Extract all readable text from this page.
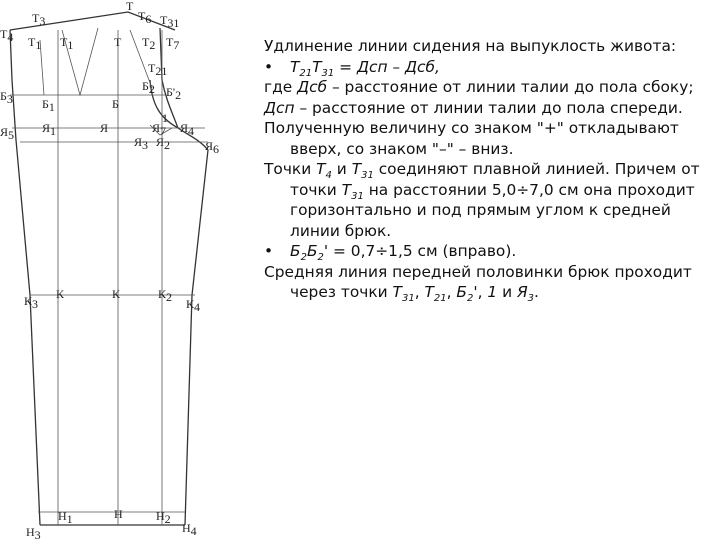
Т
Т3	Т6 Т31
Т4 Т1 Т1	Т Т2 Т7
Т21
Б2 Б'2
Б3 Б1	Б
1
Я7
Я5 Я1	Я
Я3 Я2
Я4
Я6
К3
К	К	К2 К4
Н1	Н	Н2
Н3	Н4

Удлинение линии сидения на выпуклость живота:

• $Т_{21}Т_{31}$ = Дсп – Дсб,

где Дсб – расстояние от линии талии до пола сбоку;

Дсп – расстояние от линии талии до пола спереди.

Полученную величину со знаком "+" откладывают вверх, со знаком "–" – вниз.

Точки $Т_4$ и $Т_{31}$ соединяют плавной линией. Причем от точки $Т_{31}$ на расстоянии 5,0÷7,0 см она проходит горизонтально и под прямым углом к средней линии брюк.

• $Б_2Б_2' = 0,7\div 1,5$ см (вправо).

Средняя линия передней половинки брюк проходит через точки $Т_{31}$, $Т_{21}$, $Б_2'$, 1 и $Я_3$.
